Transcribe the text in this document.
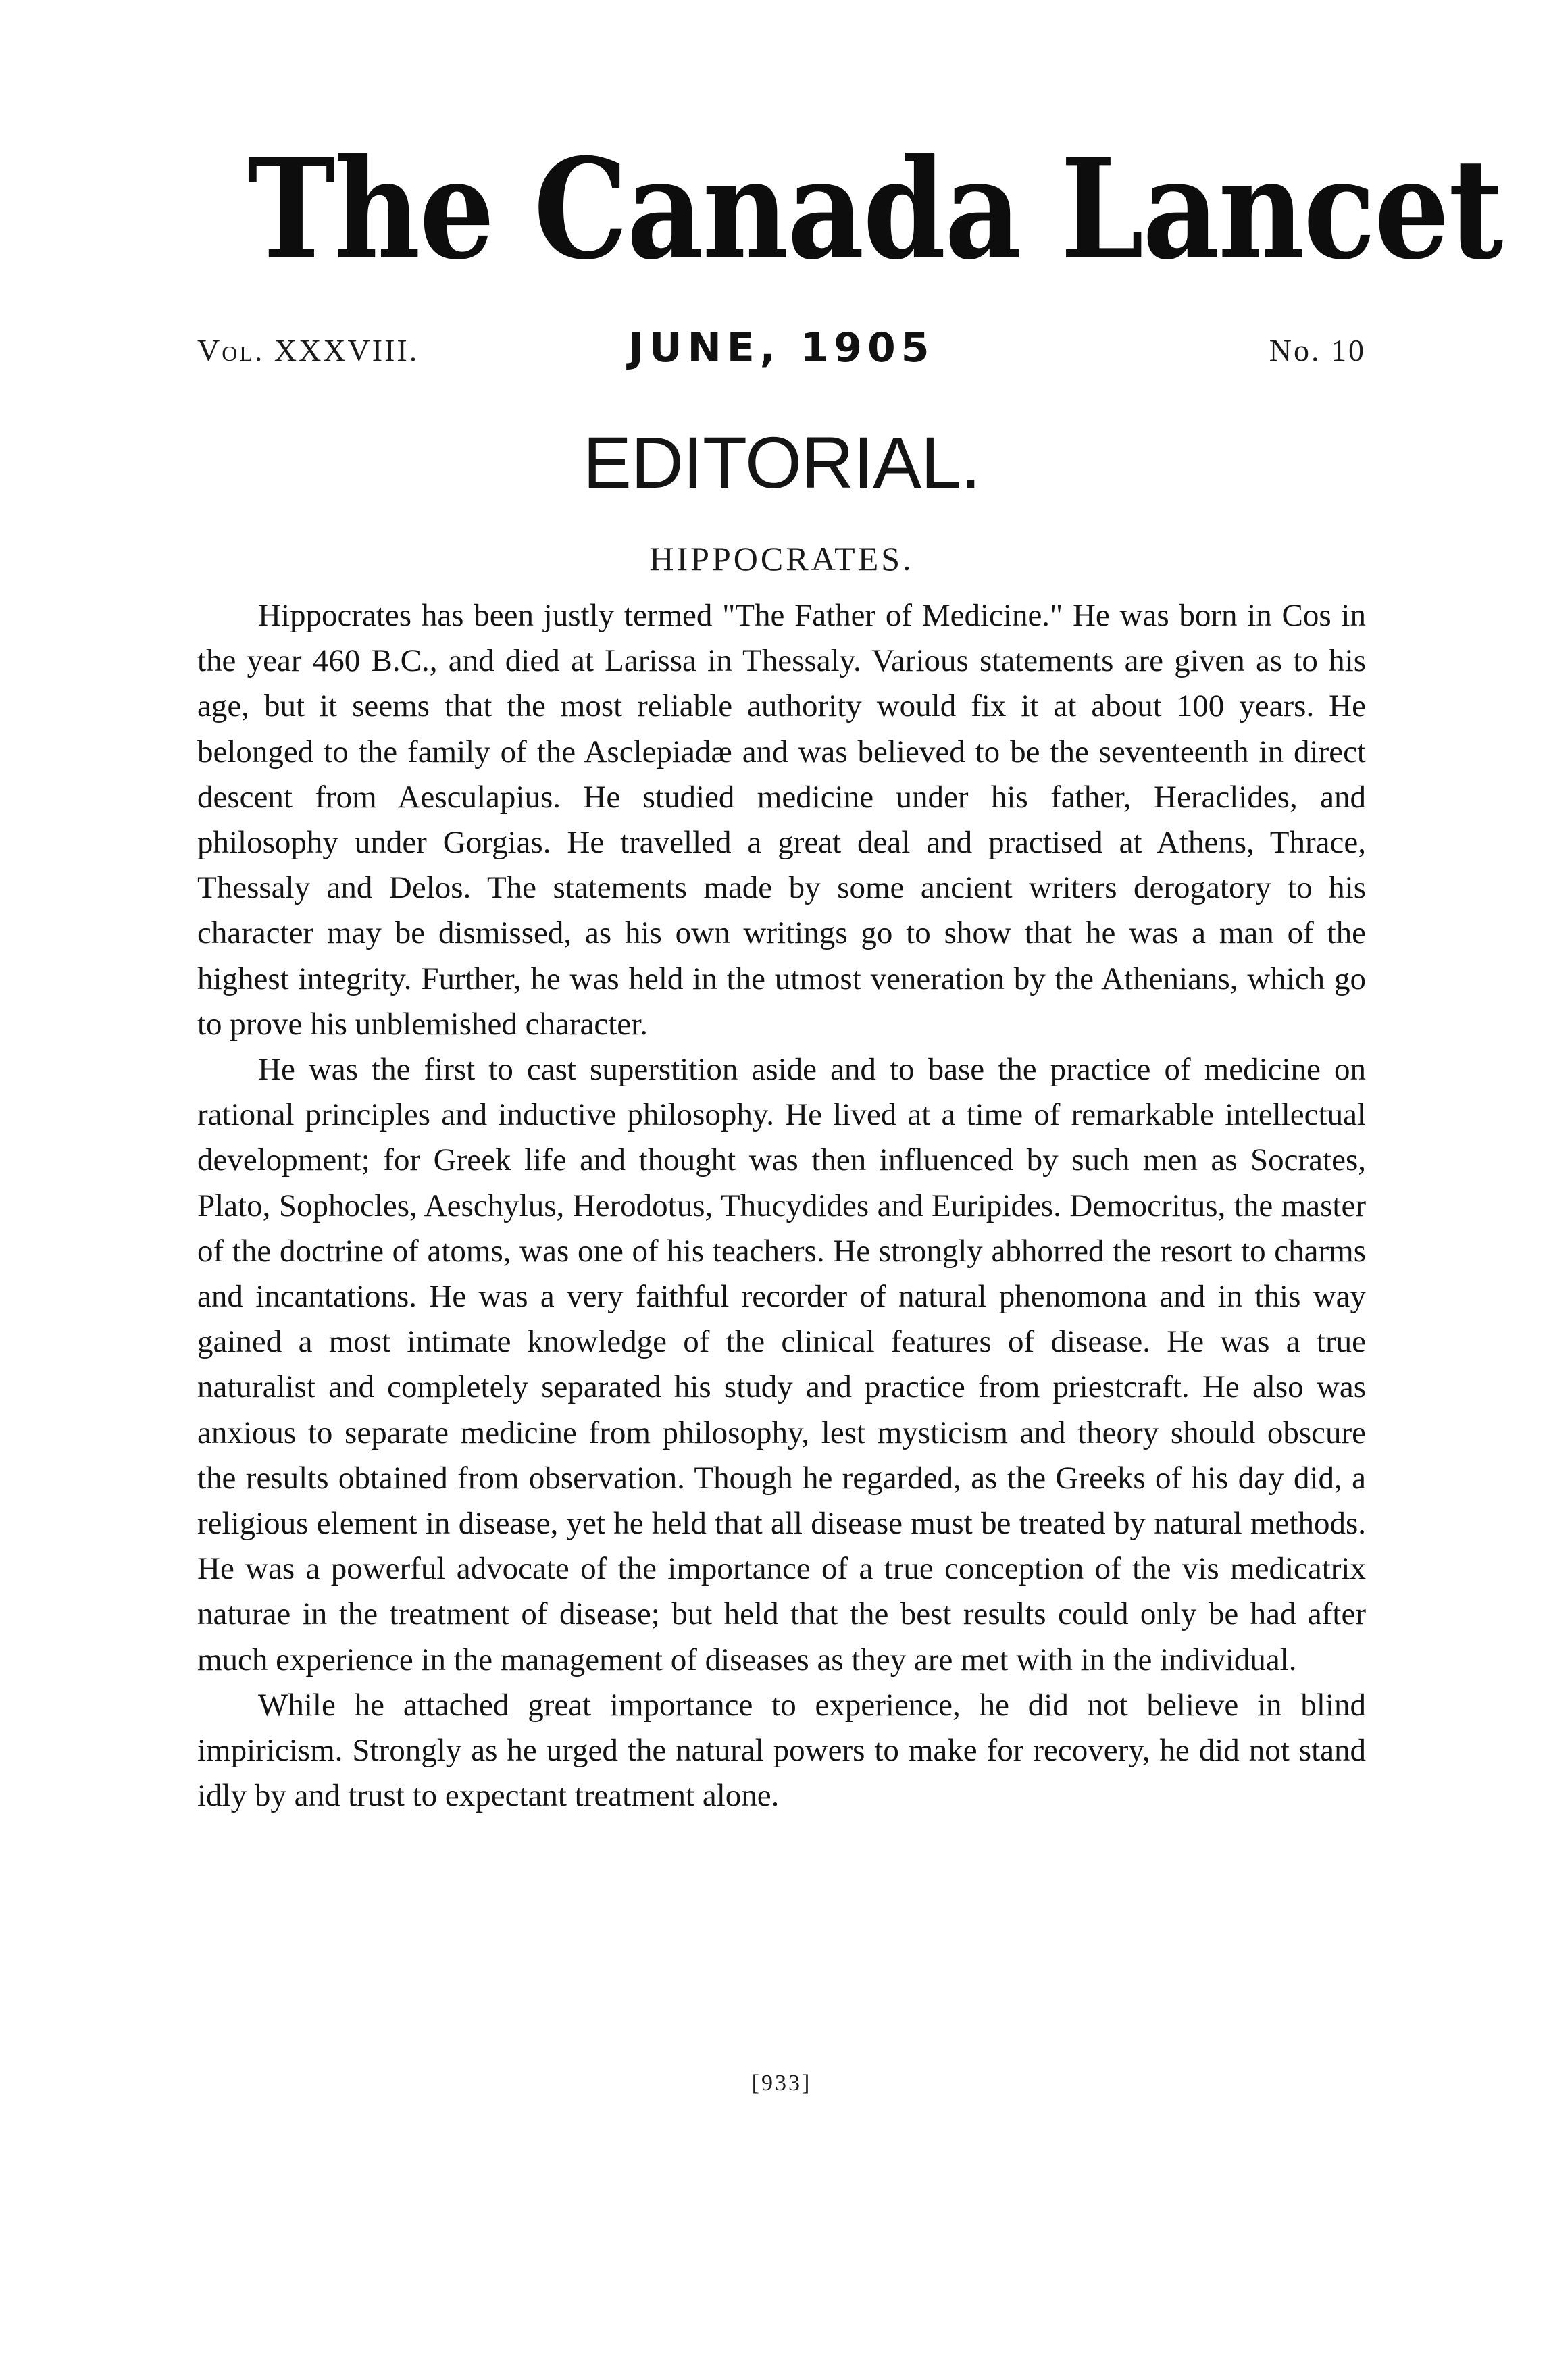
The Canada Lancet
Vol. XXXVIII.	JUNE, 1905	No. 10
EDITORIAL.
HIPPOCRATES.

Hippocrates has been justly termed "The Father of Medicine." He was born in Cos in the year 460 B.C., and died at Larissa in Thessaly. Various statements are given as to his age, but it seems that the most reliable authority would fix it at about 100 years. He belonged to the family of the Asclepiadæ and was believed to be the seventeenth in direct descent from Aesculapius. He studied medicine under his father, Heraclides, and philosophy under Gorgias. He travelled a great deal and practised at Athens, Thrace, Thessaly and Delos. The statements made by some ancient writers derogatory to his character may be dismissed, as his own writings go to show that he was a man of the highest integrity. Further, he was held in the utmost veneration by the Athenians, which go to prove his unblemished character.

He was the first to cast superstition aside and to base the practice of medicine on rational principles and inductive philosophy. He lived at a time of remarkable intellectual development; for Greek life and thought was then influenced by such men as Socrates, Plato, Sophocles, Aeschylus, Herodotus, Thucydides and Euripides. Democritus, the master of the doctrine of atoms, was one of his teachers. He strongly abhorred the resort to charms and incantations. He was a very faithful recorder of natural phenomona and in this way gained a most intimate knowledge of the clinical features of disease. He was a true naturalist and completely separated his study and practice from priestcraft. He also was anxious to separate medicine from philosophy, lest mysticism and theory should obscure the results obtained from observation. Though he regarded, as the Greeks of his day did, a religious element in disease, yet he held that all disease must be treated by natural methods. He was a powerful advocate of the importance of a true conception of the vis medicatrix naturae in the treatment of disease; but held that the best results could only be had after much experience in the management of diseases as they are met with in the individual.

While he attached great importance to experience, he did not believe in blind impiricism. Strongly as he urged the natural powers to make for recovery, he did not stand idly by and trust to expectant treatment alone.

[933]
